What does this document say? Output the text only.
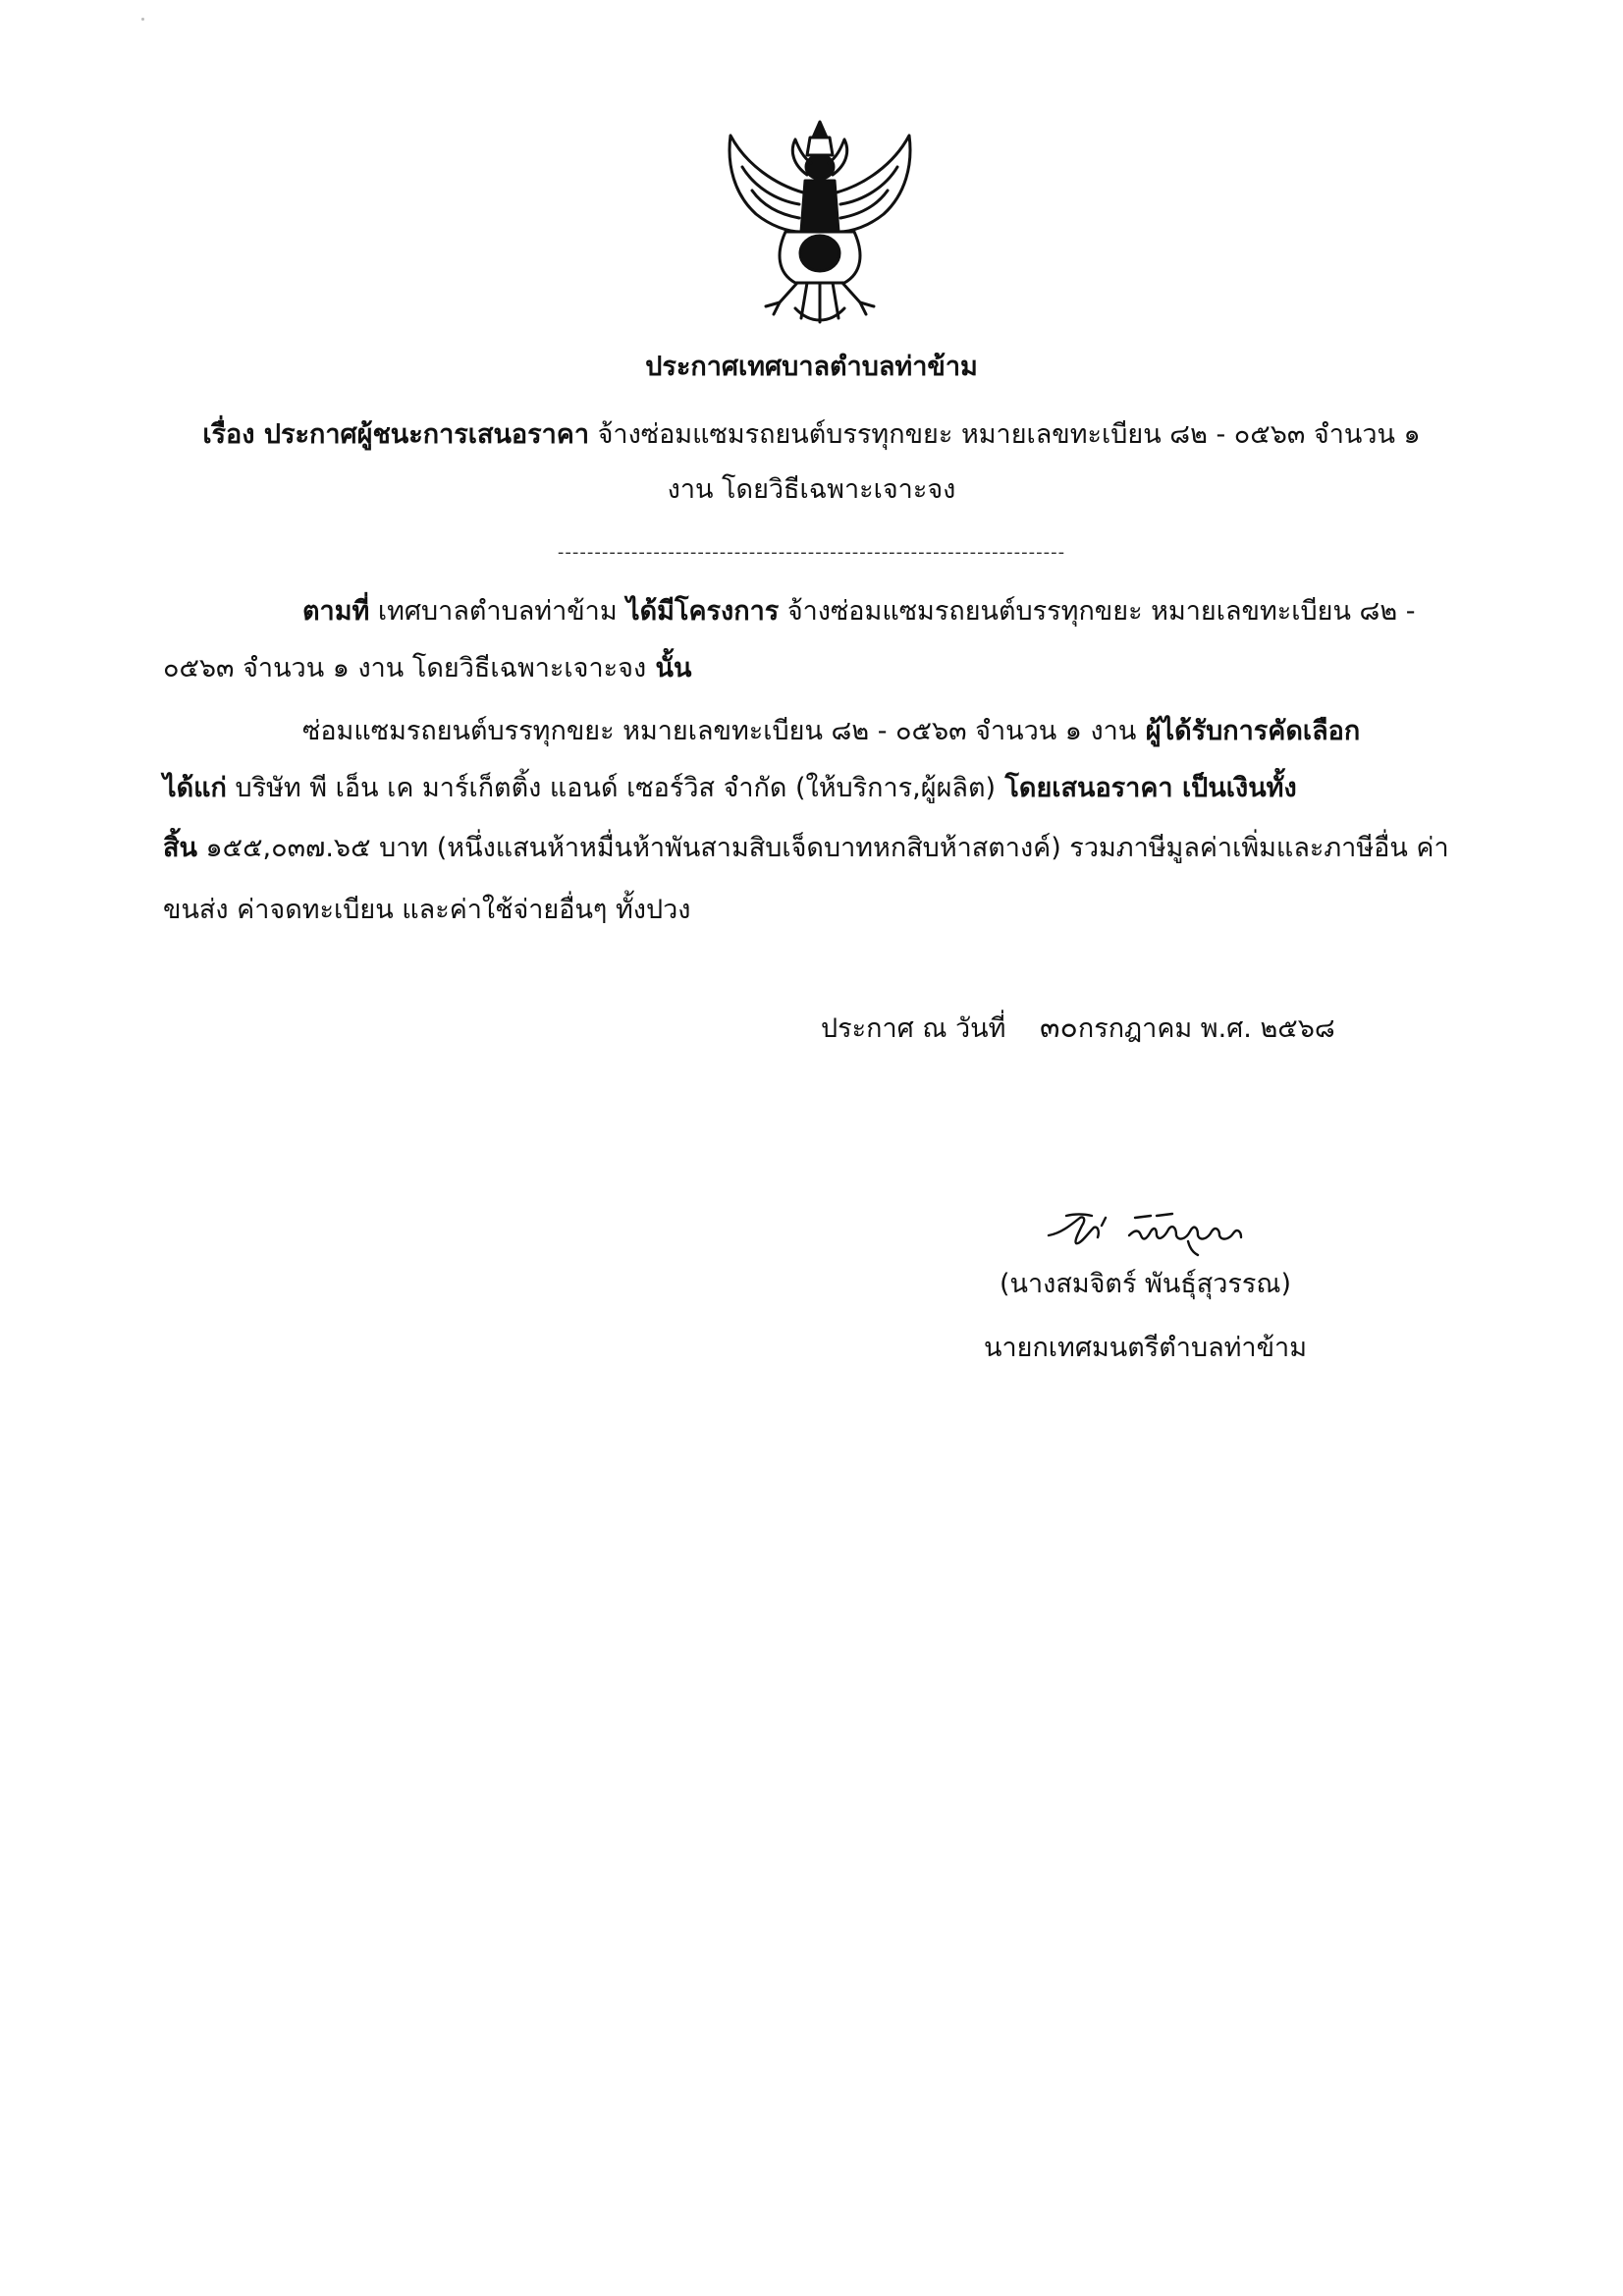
ประกาศเทศบาลตำบลท่าข้าม
เรื่อง ประกาศผู้ชนะการเสนอราคา จ้างซ่อมแซมรถยนต์บรรทุกขยะ หมายเลขทะเบียน ๘๒ - ๐๕๖๓ จำนวน ๑
งาน โดยวิธีเฉพาะเจาะจง
---------------------------------------------------------------------
ตามที่ เทศบาลตำบลท่าข้าม ได้มีโครงการ จ้างซ่อมแซมรถยนต์บรรทุกขยะ หมายเลขทะเบียน ๘๒ -
๐๕๖๓ จำนวน ๑ งาน โดยวิธีเฉพาะเจาะจง นั้น
ซ่อมแซมรถยนต์บรรทุกขยะ หมายเลขทะเบียน ๘๒ - ๐๕๖๓ จำนวน ๑ งาน ผู้ได้รับการคัดเลือก
ได้แก่ บริษัท พี เอ็น เค มาร์เก็ตติ้ง แอนด์ เซอร์วิส จำกัด (ให้บริการ,ผู้ผลิต) โดยเสนอราคา เป็นเงินทั้ง
สิ้น ๑๕๕,๐๓๗.๖๕ บาท (หนึ่งแสนห้าหมื่นห้าพันสามสิบเจ็ดบาทหกสิบห้าสตางค์) รวมภาษีมูลค่าเพิ่มและภาษีอื่น ค่า
ขนส่ง ค่าจดทะเบียน และค่าใช้จ่ายอื่นๆ ทั้งปวง
ประกาศ ณ วันที่ ๓๐กรกฎาคม พ.ศ. ๒๕๖๘
(นางสมจิตร์ พันธุ์สุวรรณ)
นายกเทศมนตรีตำบลท่าข้าม
